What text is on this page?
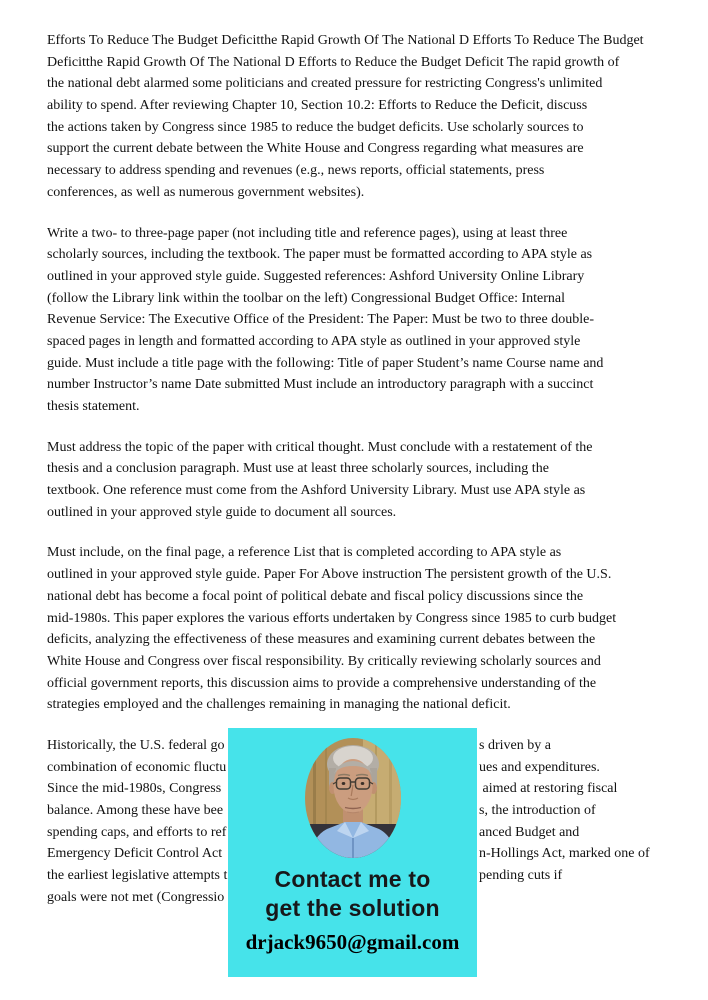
Efforts To Reduce The Budget Deficitthe Rapid Growth Of The National D Efforts To Reduce The Budget
Deficitthe Rapid Growth Of The National D Efforts to Reduce the Budget Deficit The rapid growth of
the national debt alarmed some politicians and created pressure for restricting Congress's unlimited
ability to spend. After reviewing Chapter 10, Section 10.2: Efforts to Reduce the Deficit, discuss
the actions taken by Congress since 1985 to reduce the budget deficits. Use scholarly sources to
support the current debate between the White House and Congress regarding what measures are
necessary to address spending and revenues (e.g., news reports, official statements, press
conferences, as well as numerous government websites).
Write a two- to three-page paper (not including title and reference pages), using at least three
scholarly sources, including the textbook. The paper must be formatted according to APA style as
outlined in your approved style guide. Suggested references: Ashford University Online Library
(follow the Library link within the toolbar on the left) Congressional Budget Office: Internal
Revenue Service: The Executive Office of the President: The Paper: Must be two to three double-
spaced pages in length and formatted according to APA style as outlined in your approved style
guide. Must include a title page with the following: Title of paper Student’s name Course name and
number Instructor’s name Date submitted Must include an introductory paragraph with a succinct
thesis statement.
Must address the topic of the paper with critical thought. Must conclude with a restatement of the
thesis and a conclusion paragraph. Must use at least three scholarly sources, including the
textbook. One reference must come from the Ashford University Library. Must use APA style as
outlined in your approved style guide to document all sources.
Must include, on the final page, a reference List that is completed according to APA style as
outlined in your approved style guide. Paper For Above instruction The persistent growth of the U.S.
national debt has become a focal point of political debate and fiscal policy discussions since the
mid-1980s. This paper explores the various efforts undertaken by Congress since 1985 to curb budget
deficits, analyzing the effectiveness of these measures and examining current debates between the
White House and Congress over fiscal responsibility. By critically reviewing scholarly sources and
official government reports, this discussion aims to provide a comprehensive understanding of the
strategies employed and the challenges remaining in managing the national deficit.
Historically, the U.S. federal go	s driven by a
combination of economic fluctu	ues and expenditures.
Since the mid-1980s, Congress	aimed at restoring fiscal
balance. Among these have bee	s, the introduction of
spending caps, and efforts to ref	anced Budget and
Emergency Deficit Control Act	n-Hollings Act, marked one of
the earliest legislative attempts t	pending cuts if
goals were not met (Congressio
Contact me to
get the solution
drjack9650@gmail.com
